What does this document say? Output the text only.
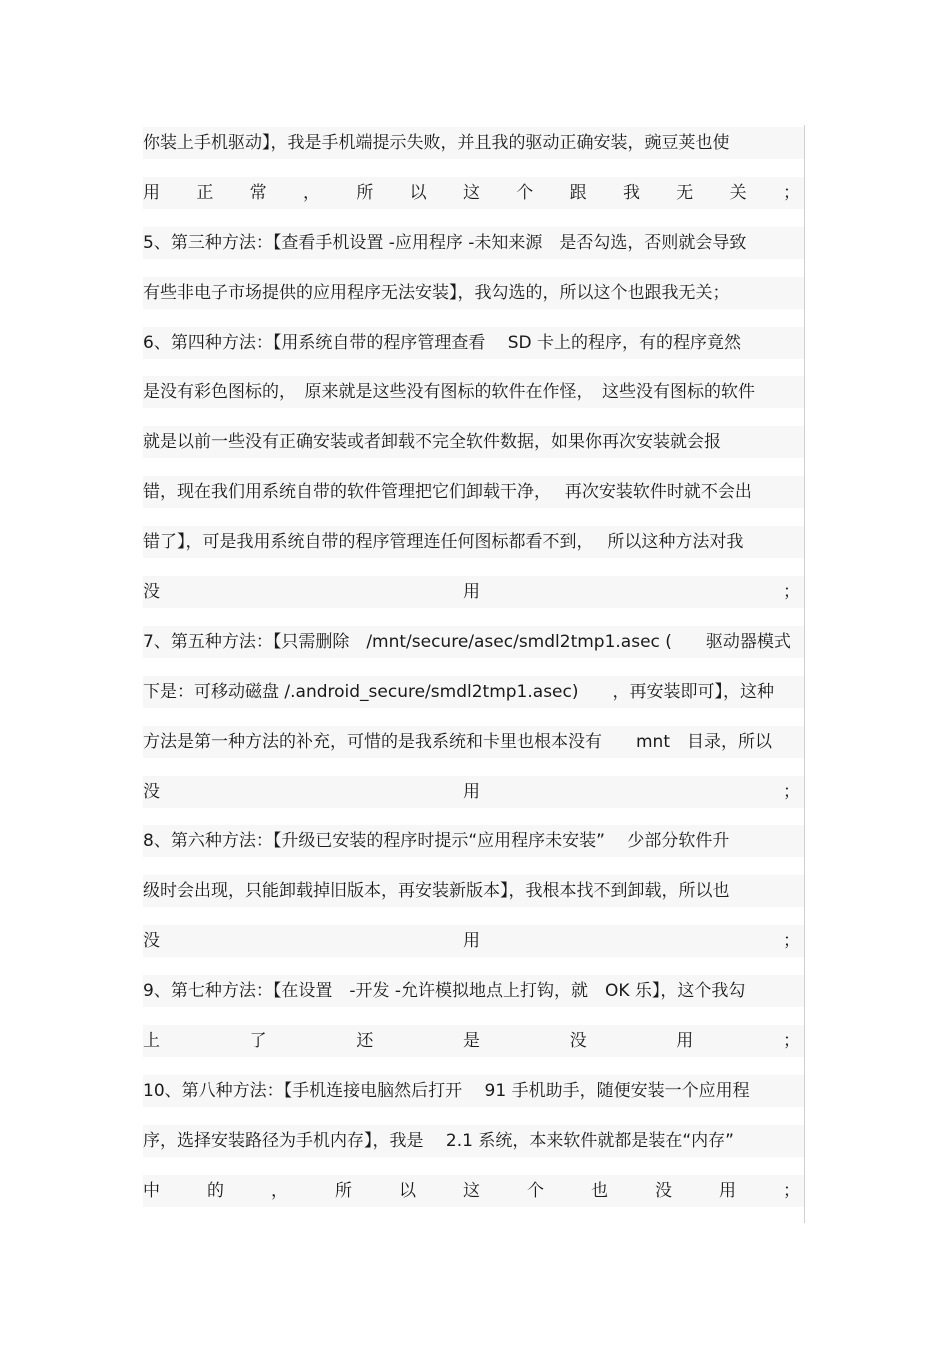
你装上手机驱动】，我是手机端提示失败，并且我的驱动正确安装，豌豆荚也使
用 正 常 ， 所 以 这 个 跟 我 无 关 ；
5、第三种方法：【查看手机设置 -应用程序 -未知来源　是否勾选，否则就会导致
有些非电子市场提供的应用程序无法安装】，我勾选的，所以这个也跟我无关；
6、第四种方法：【用系统自带的程序管理查看　 SD 卡上的程序，有的程序竟然
是没有彩色图标的，　原来就是这些没有图标的软件在作怪，　这些没有图标的软件
就是以前一些没有正确安装或者卸载不完全软件数据，如果你再次安装就会报
错，现在我们用系统自带的软件管理把它们卸载干净，　 再次安装软件时就不会出
错了】，可是我用系统自带的程序管理连任何图标都看不到，　 所以这种方法对我
没	用	；
7、第五种方法：【只需删除　/mnt/secure/asec/smdl2tmp1.asec (　　驱动器模式
下是：可移动磁盘 /.android_secure/smdl2tmp1.asec)　　，再安装即可】，这种
方法是第一种方法的补充，可惜的是我系统和卡里也根本没有　　mnt　目录，所以
没	用	；
8、第六种方法：【升级已安装的程序时提示“应用程序未安装”　 少部分软件升
级时会出现，只能卸载掉旧版本，再安装新版本】，我根本找不到卸载，所以也
没	用	；
9、第七种方法：【在设置　-开发 -允许模拟地点上打钩，就　OK 乐】，这个我勾
上	了	还	是	没	用	；
10、第八种方法：【手机连接电脑然后打开　 91 手机助手，随便安装一个应用程
序，选择安装路径为手机内存】，我是　 2.1 系统，本来软件就都是装在“内存”
中	的	，	所	以	这	个	也	没	用	；
